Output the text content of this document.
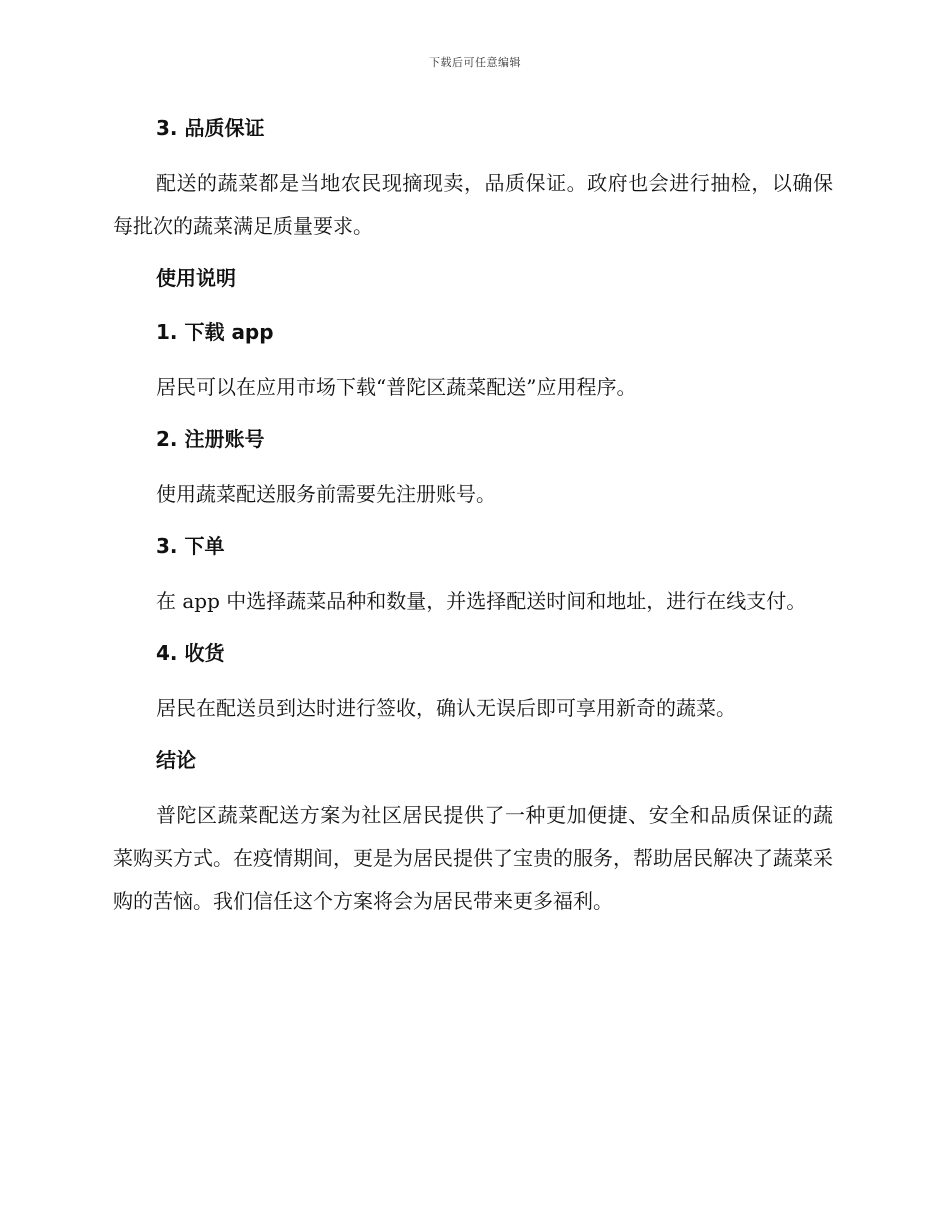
下载后可任意编辑
3. 品质保证

配送的蔬菜都是当地农民现摘现卖，品质保证。政府也会进行抽检，以确保每批次的蔬菜满足质量要求。

使用说明
1. 下载 app

居民可以在应用市场下载“普陀区蔬菜配送”应用程序。

2. 注册账号

使用蔬菜配送服务前需要先注册账号。

3. 下单

在 app 中选择蔬菜品种和数量，并选择配送时间和地址，进行在线支付。

4. 收货

居民在配送员到达时进行签收，确认无误后即可享用新奇的蔬菜。

结论

普陀区蔬菜配送方案为社区居民提供了一种更加便捷、安全和品质保证的蔬菜购买方式。在疫情期间，更是为居民提供了宝贵的服务，帮助居民解决了蔬菜采购的苦恼。我们信任这个方案将会为居民带来更多福利。
